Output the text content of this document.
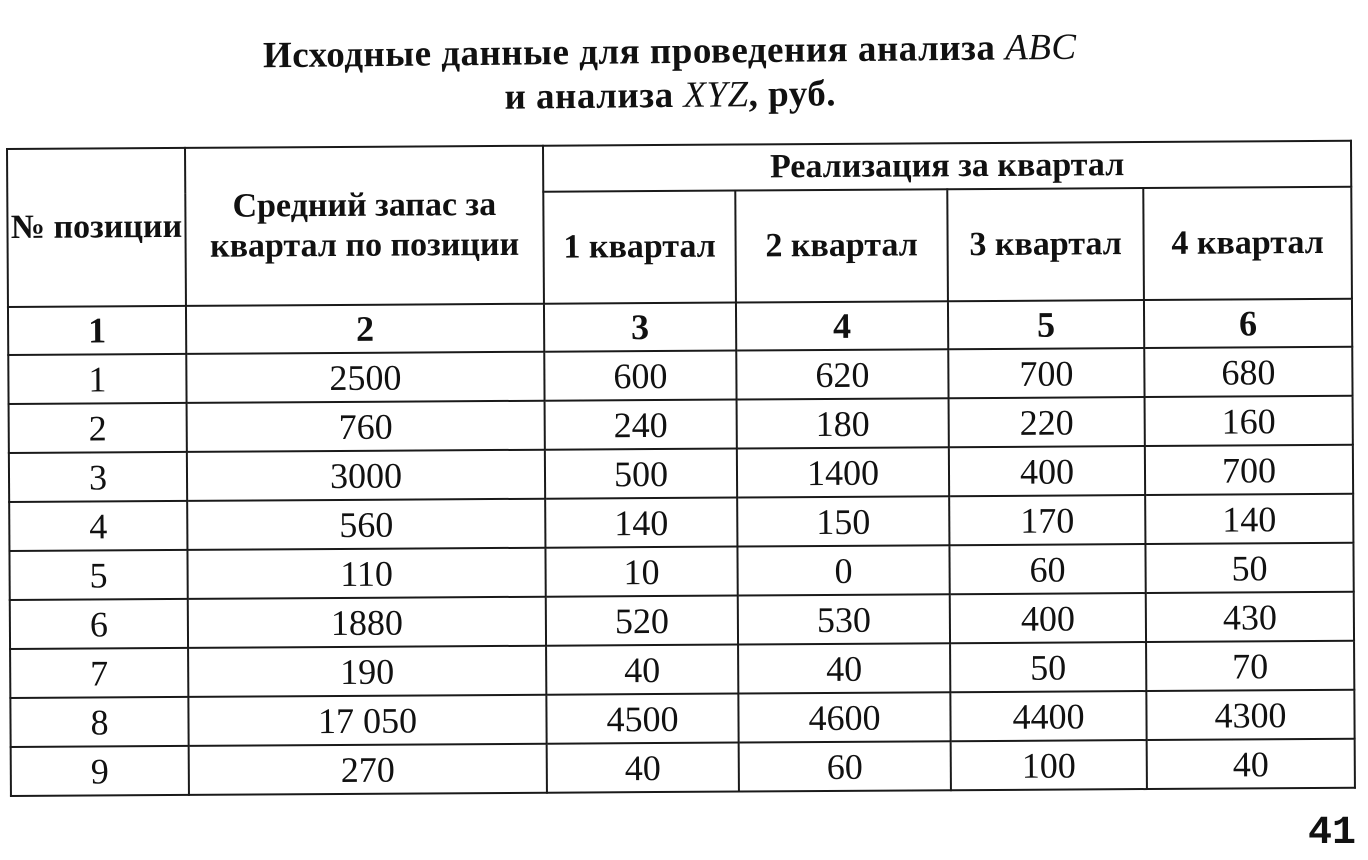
Исходные данные для проведения анализа ABC
и анализа XYZ, руб.
№ позиции	Средний запас за квартал по позиции	Реализация за квартал			
		1 квартал	2 квартал	3 квартал	4 квартал
1	2	3	4	5	6
1	2500	600	620	700	680
2	760	240	180	220	160
3	3000	500	1400	400	700
4	560	140	150	170	140
5	110	10	0	60	50
6	1880	520	530	400	430
7	190	40	40	50	70
8	17 050	4500	4600	4400	4300
9	270	40	60	100	40
41
